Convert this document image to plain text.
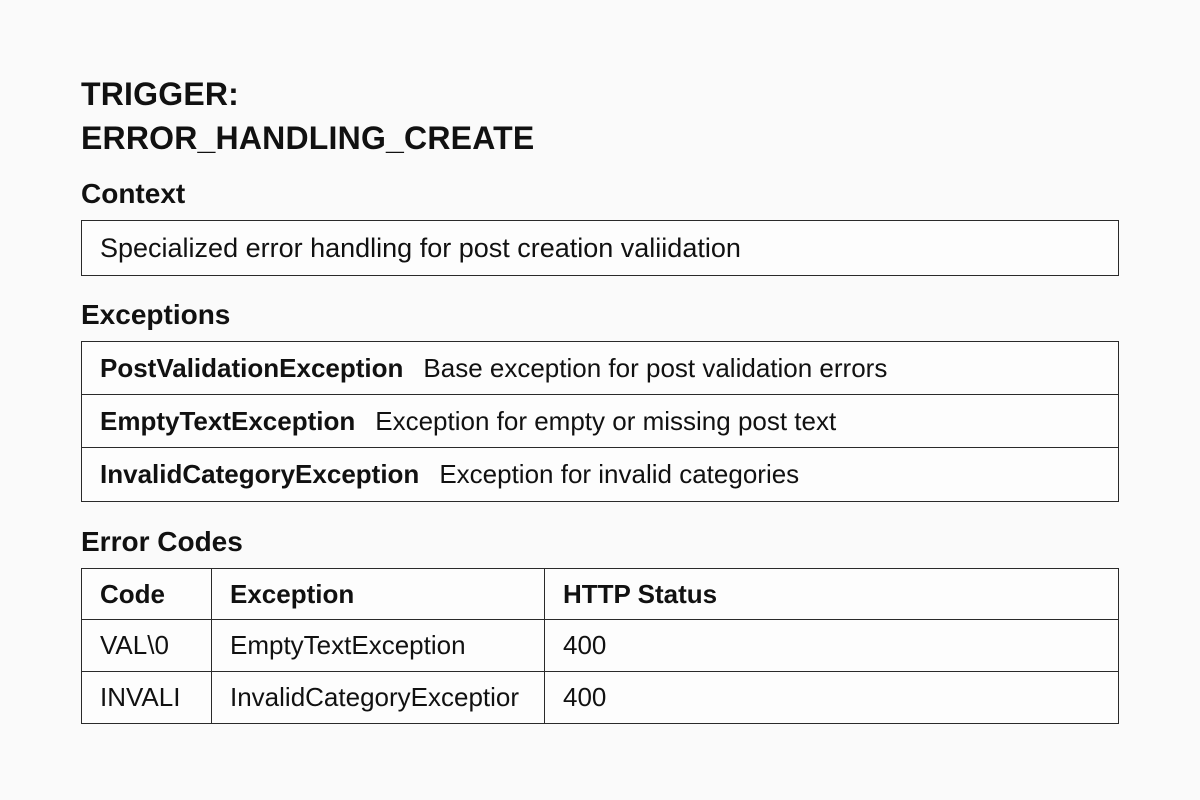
TRIGGER:
ERROR_HANDLING_CREATE
Context
Specialized error handling for post creation valiidation
Exceptions
PostValidationException Base exception for post validation errors
EmptyTextException Exception for empty or missing post text
InvalidCategoryException Exception for invalid categories
Error Codes
Code	Exception	HTTP Status
VAL\0	EmptyTextException	400
INVALI	InvalidCategoryExceptior	400
